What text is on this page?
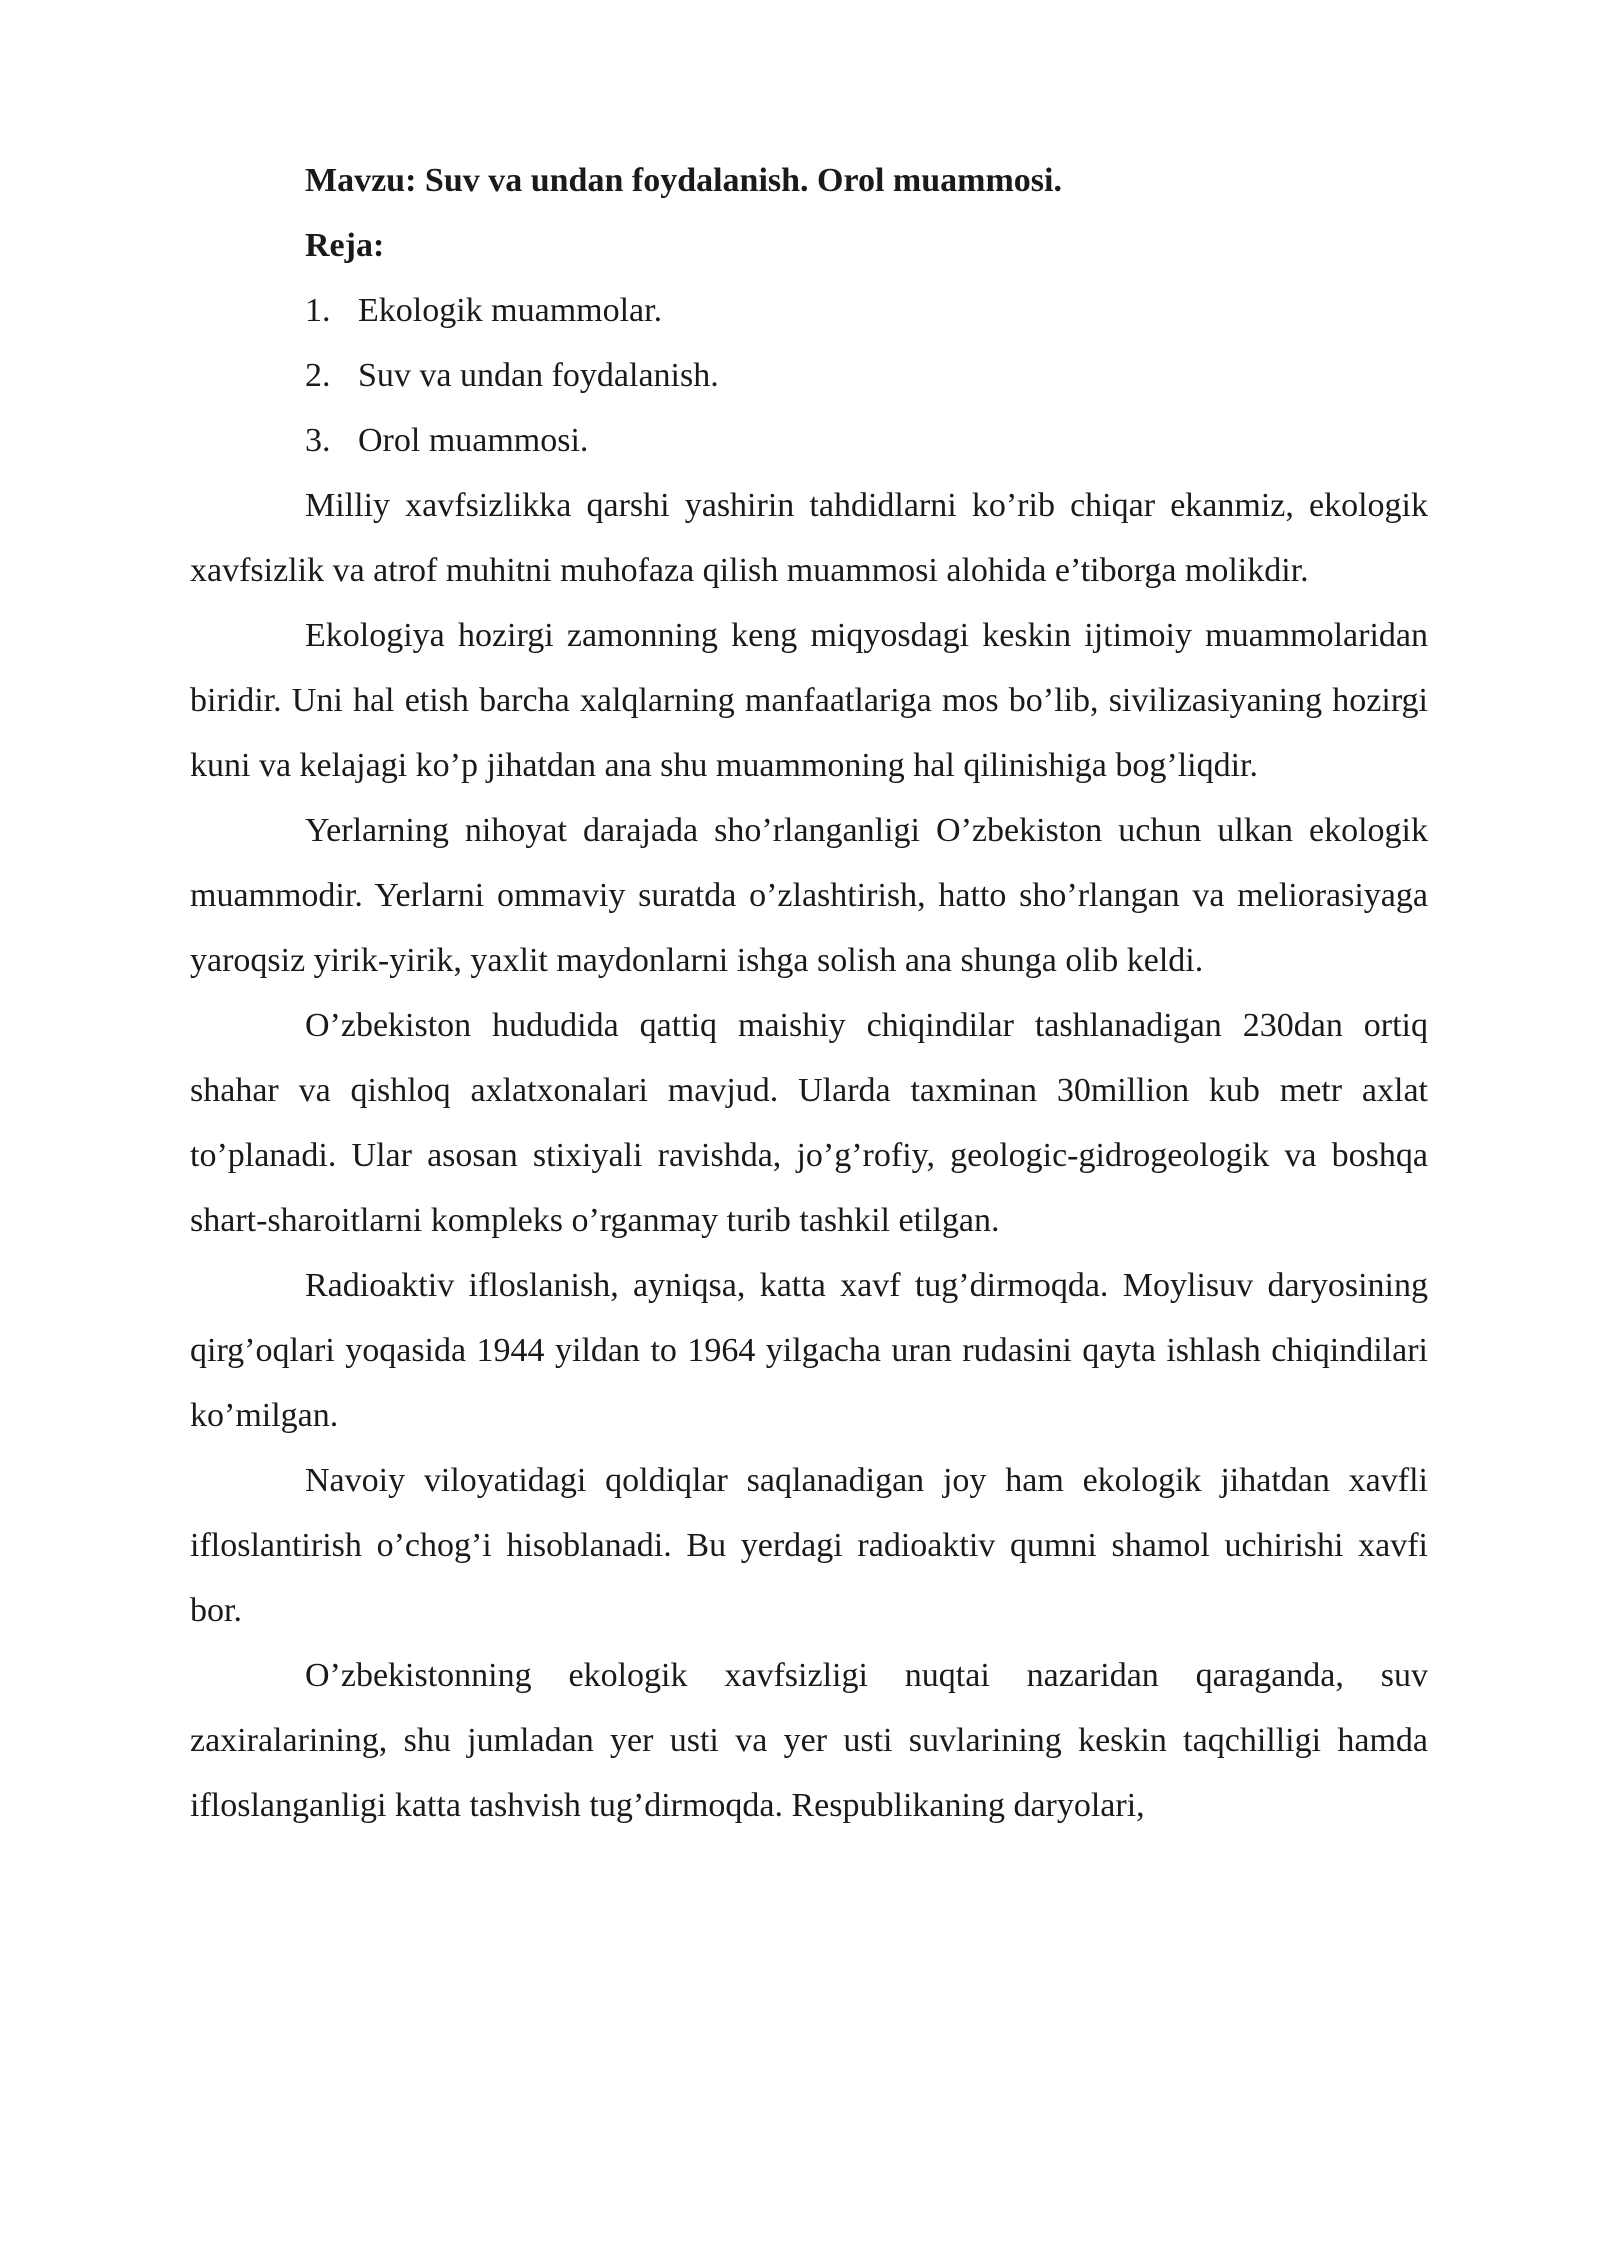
Mavzu: Suv va undan foydalanish. Orol muammosi.

Reja:

1. Ekologik muammolar.
2. Suv va undan foydalanish.
3. Orol muammosi.

Milliy xavfsizlikka qarshi yashirin tahdidlarni ko’rib chiqar ekanmiz, ekologik xavfsizlik va atrof muhitni muhofaza qilish muammosi alohida e’tiborga molikdir.

Ekologiya hozirgi zamonning keng miqyosdagi keskin ijtimoiy muammolaridan biridir. Uni hal etish barcha xalqlarning manfaatlariga mos bo’lib, sivilizasiyaning hozirgi kuni va kelajagi ko’p jihatdan ana shu muammoning hal qilinishiga bog’liqdir.

Yerlarning nihoyat darajada sho’rlanganligi O’zbekiston uchun ulkan ekologik muammodir. Yerlarni ommaviy suratda o’zlashtirish, hatto sho’rlangan va meliorasiyaga yaroqsiz yirik-yirik, yaxlit maydonlarni ishga solish ana shunga olib keldi.

O’zbekiston hududida qattiq maishiy chiqindilar tashlanadigan 230dan ortiq shahar va qishloq axlatxonalari mavjud. Ularda taxminan 30million kub metr axlat to’planadi. Ular asosan stixiyali ravishda, jo’g’rofiy, geologic-gidrogeologik va boshqa shart-sharoitlarni kompleks o’rganmay turib tashkil etilgan.

Radioaktiv ifloslanish, ayniqsa, katta xavf tug’dirmoqda. Moylisuv daryosining qirg’oqlari yoqasida 1944 yildan to 1964 yilgacha uran rudasini qayta ishlash chiqindilari ko’milgan.

Navoiy viloyatidagi qoldiqlar saqlanadigan joy ham ekologik jihatdan xavfli ifloslantirish o’chog’i hisoblanadi. Bu yerdagi radioaktiv qumni shamol uchirishi xavfi bor.

O’zbekistonning ekologik xavfsizligi nuqtai nazaridan qaraganda, suv zaxiralarining, shu jumladan yer usti va yer usti suvlarining keskin taqchilligi hamda ifloslanganligi katta tashvish tug’dirmoqda. Respublikaning daryolari,
